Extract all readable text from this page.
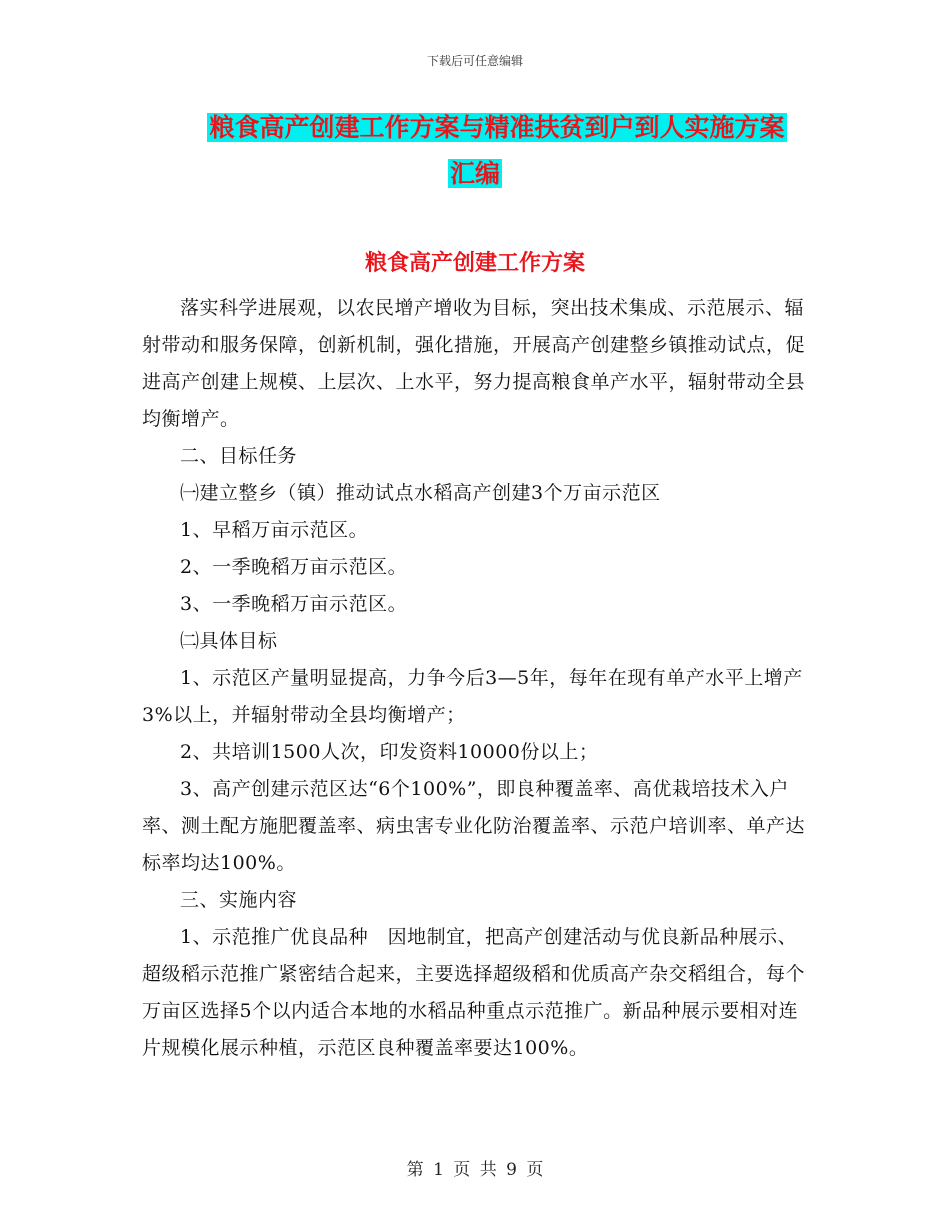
下载后可任意编辑
粮食高产创建工作方案与精准扶贫到户到人实施方案
汇编
粮食高产创建工作方案

落实科学进展观，以农民增产增收为目标，突出技术集成、示范展示、辐射带动和服务保障，创新机制，强化措施，开展高产创建整乡镇推动试点，促进高产创建上规模、上层次、上水平，努力提高粮食单产水平，辐射带动全县均衡增产。

二、目标任务

㈠建立整乡（镇）推动试点水稻高产创建3个万亩示范区

1、早稻万亩示范区。

2、一季晚稻万亩示范区。

3、一季晚稻万亩示范区。

㈡具体目标

1、示范区产量明显提高，力争今后3—5年，每年在现有单产水平上增产3%以上，并辐射带动全县均衡增产；

2、共培训1500人次，印发资料10000份以上；

3、高产创建示范区达“6个100%”，即良种覆盖率、高优栽培技术入户率、测土配方施肥覆盖率、病虫害专业化防治覆盖率、示范户培训率、单产达标率均达100%。

三、实施内容

1、示范推广优良品种　因地制宜，把高产创建活动与优良新品种展示、超级稻示范推广紧密结合起来，主要选择超级稻和优质高产杂交稻组合，每个万亩区选择5个以内适合本地的水稻品种重点示范推广。新品种展示要相对连片规模化展示种植，示范区良种覆盖率要达100%。

第 1 页 共 9 页
